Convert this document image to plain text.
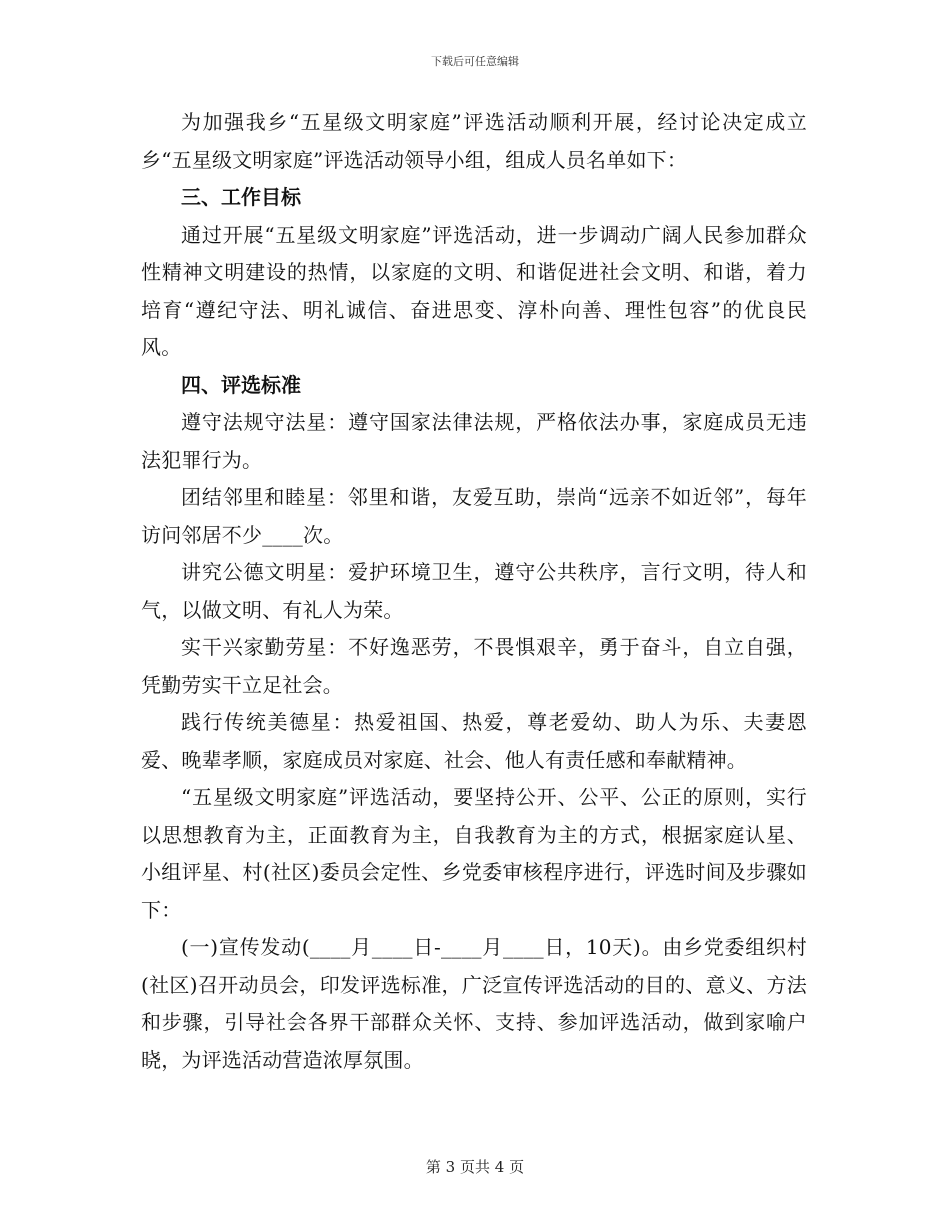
下载后可任意编辑

为加强我乡“五星级文明家庭”评选活动顺利开展，经讨论决定成立乡“五星级文明家庭”评选活动领导小组，组成人员名单如下：

三、工作目标

通过开展“五星级文明家庭”评选活动，进一步调动广阔人民参加群众性精神文明建设的热情，以家庭的文明、和谐促进社会文明、和谐，着力培育“遵纪守法、明礼诚信、奋进思变、淳朴向善、理性包容”的优良民风。

四、评选标准

遵守法规守法星：遵守国家法律法规，严格依法办事，家庭成员无违法犯罪行为。

团结邻里和睦星：邻里和谐，友爱互助，崇尚“远亲不如近邻”，每年访问邻居不少____次。

讲究公德文明星：爱护环境卫生，遵守公共秩序，言行文明，待人和气，以做文明、有礼人为荣。

实干兴家勤劳星：不好逸恶劳，不畏惧艰辛，勇于奋斗，自立自强，凭勤劳实干立足社会。

践行传统美德星：热爱祖国、热爱，尊老爱幼、助人为乐、夫妻恩爱、晚辈孝顺，家庭成员对家庭、社会、他人有责任感和奉献精神。

“五星级文明家庭”评选活动，要坚持公开、公平、公正的原则，实行以思想教育为主，正面教育为主，自我教育为主的方式，根据家庭认星、小组评星、村(社区)委员会定性、乡党委审核程序进行，评选时间及步骤如下：

(一)宣传发动(____月____日-____月____日，10天)。由乡党委组织村(社区)召开动员会，印发评选标准，广泛宣传评选活动的目的、意义、方法和步骤，引导社会各界干部群众关怀、支持、参加评选活动，做到家喻户晓，为评选活动营造浓厚氛围。

第 3 页共 4 页
